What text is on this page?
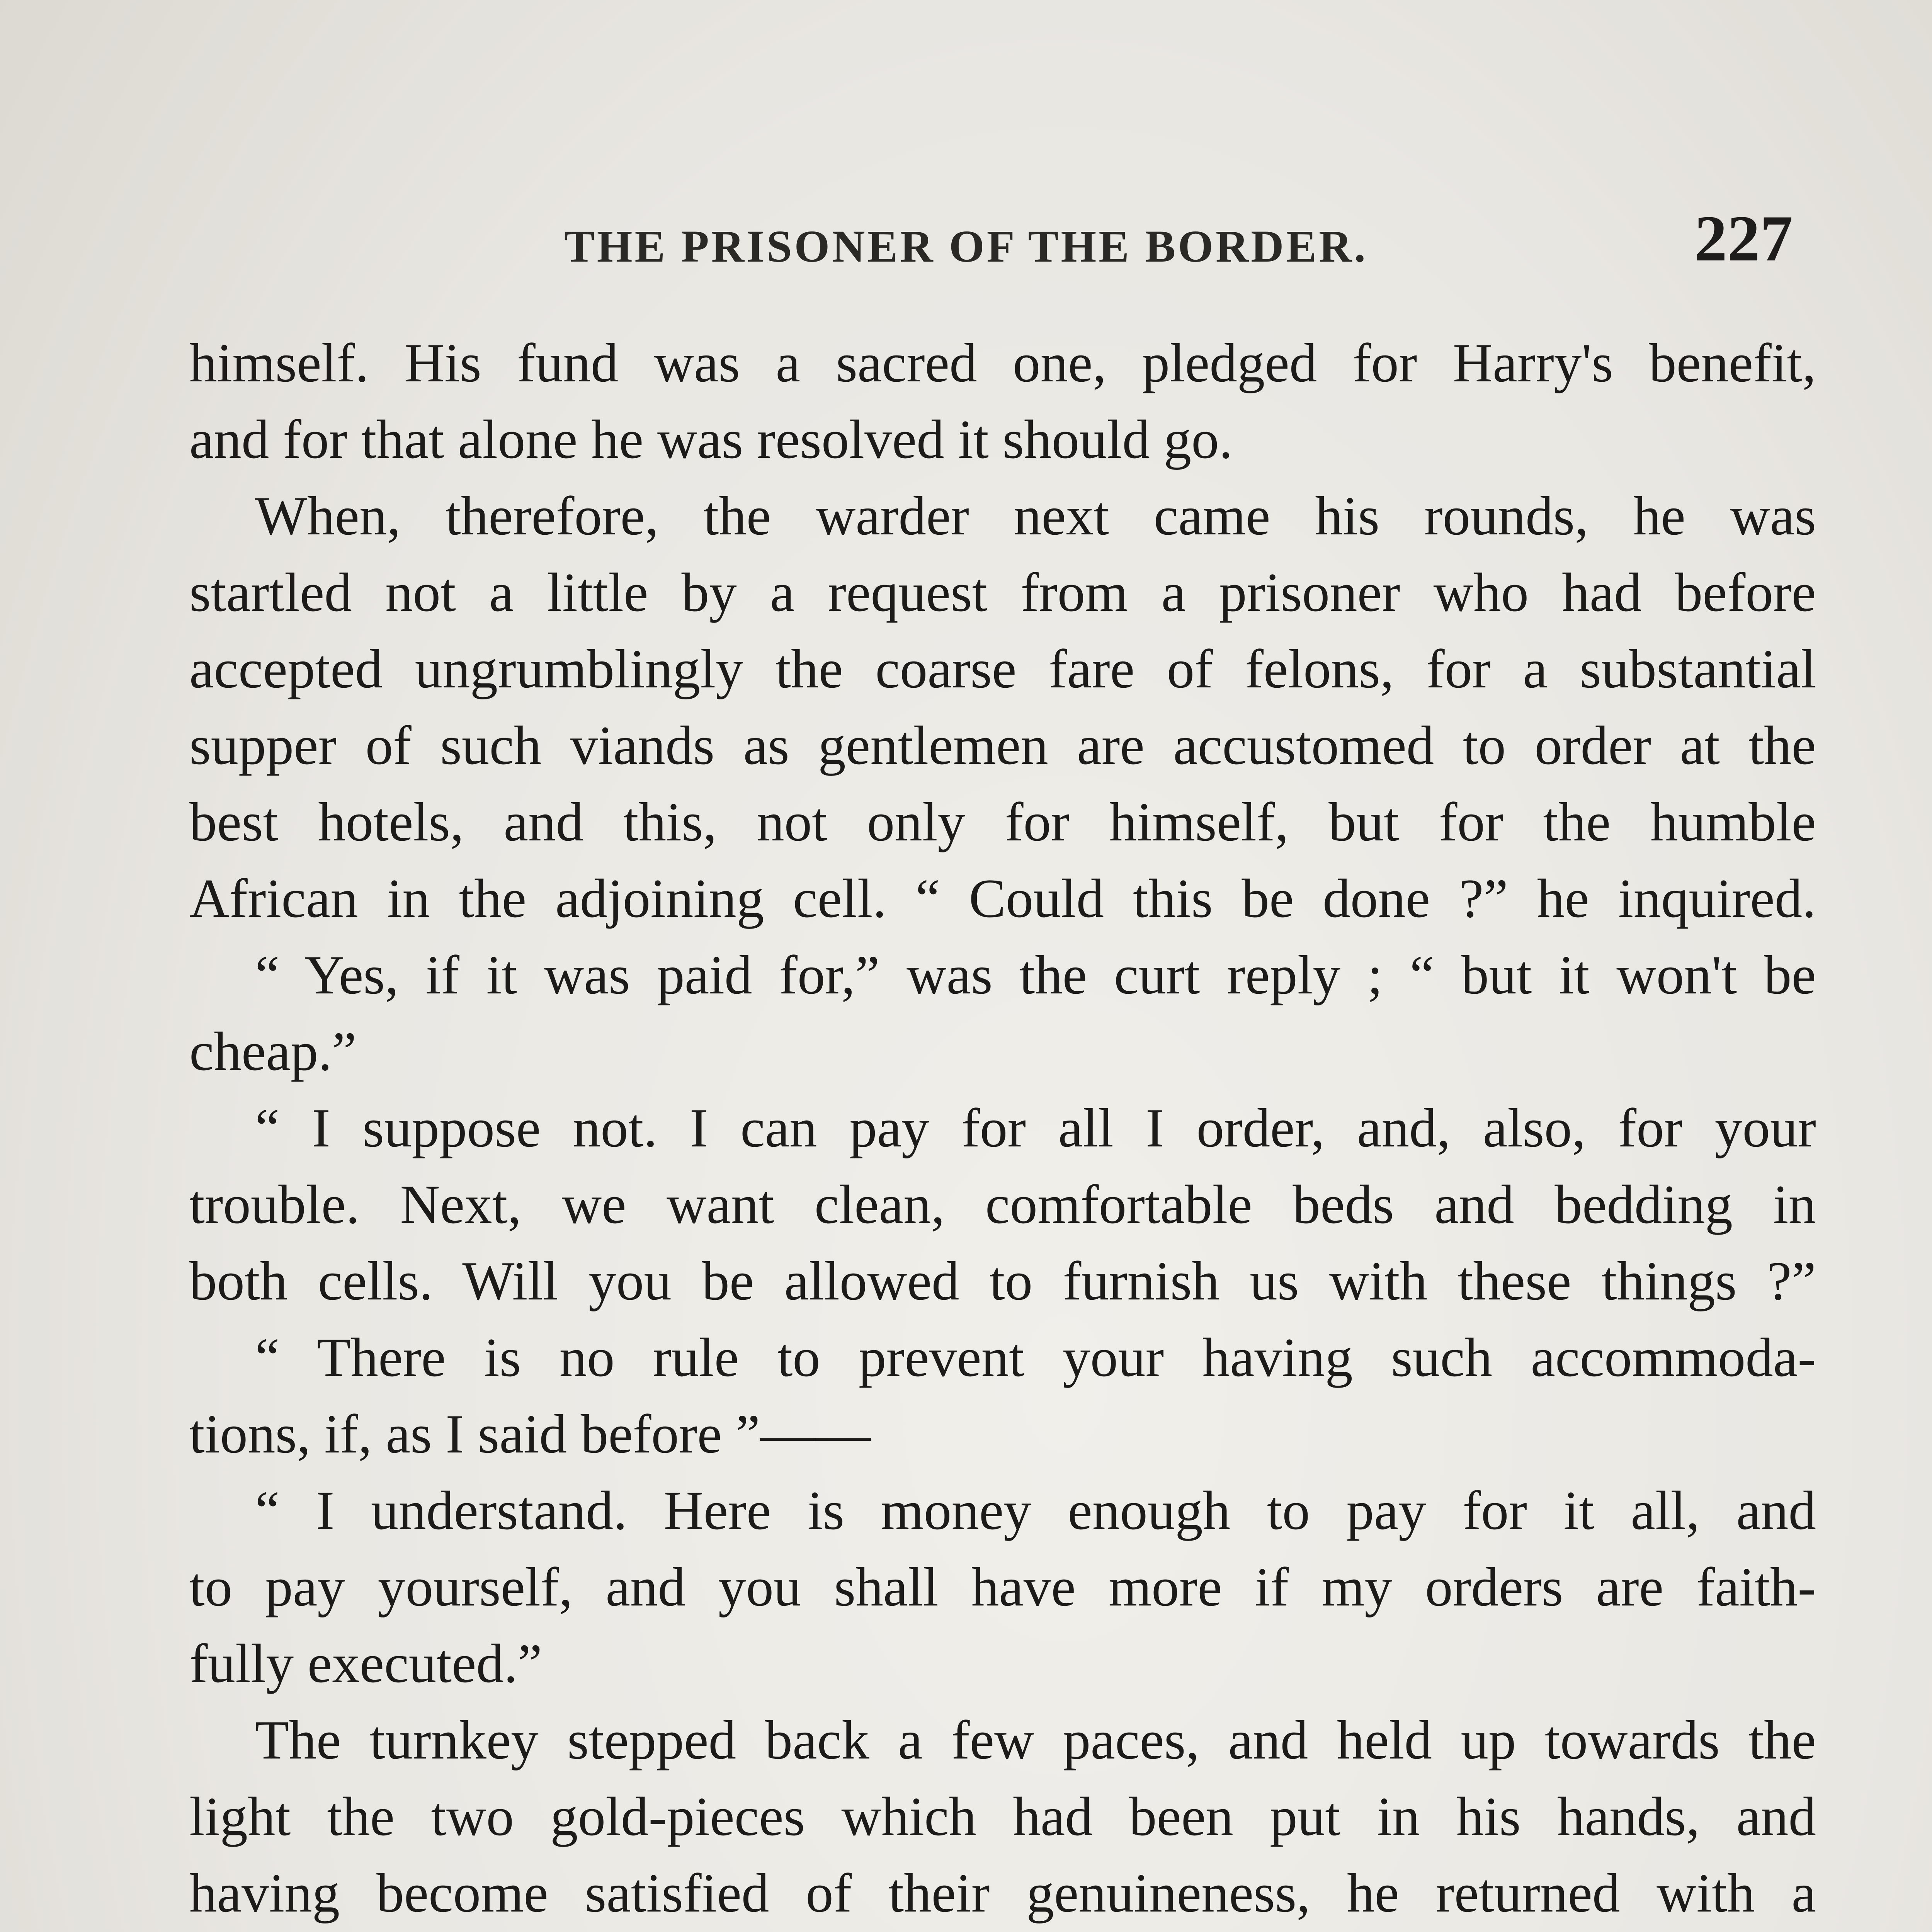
THE PRISONER OF THE BORDER.	227
himself. His fund was a sacred one, pledged for Harry's benefit,
and for that alone he was resolved it should go.
When, therefore, the warder next came his rounds, he was
startled not a little by a request from a prisoner who had before
accepted ungrumblingly the coarse fare of felons, for a substantial
supper of such viands as gentlemen are accustomed to order at the
best hotels, and this, not only for himself, but for the humble
African in the adjoining cell. “ Could this be done ?” he inquired.
“ Yes, if it was paid for,” was the curt reply ; “ but it won't be
cheap.”
“ I suppose not. I can pay for all I order, and, also, for your
trouble. Next, we want clean, comfortable beds and bedding in
both cells. Will you be allowed to furnish us with these things ?”
“ There is no rule to prevent your having such accommoda-
tions, if, as I said before ”——
“ I understand. Here is money enough to pay for it all, and
to pay yourself, and you shall have more if my orders are faith-
fully executed.”
The turnkey stepped back a few paces, and held up towards the
light the two gold-pieces which had been put in his hands, and
having become satisfied of their genuineness, he returned with a
